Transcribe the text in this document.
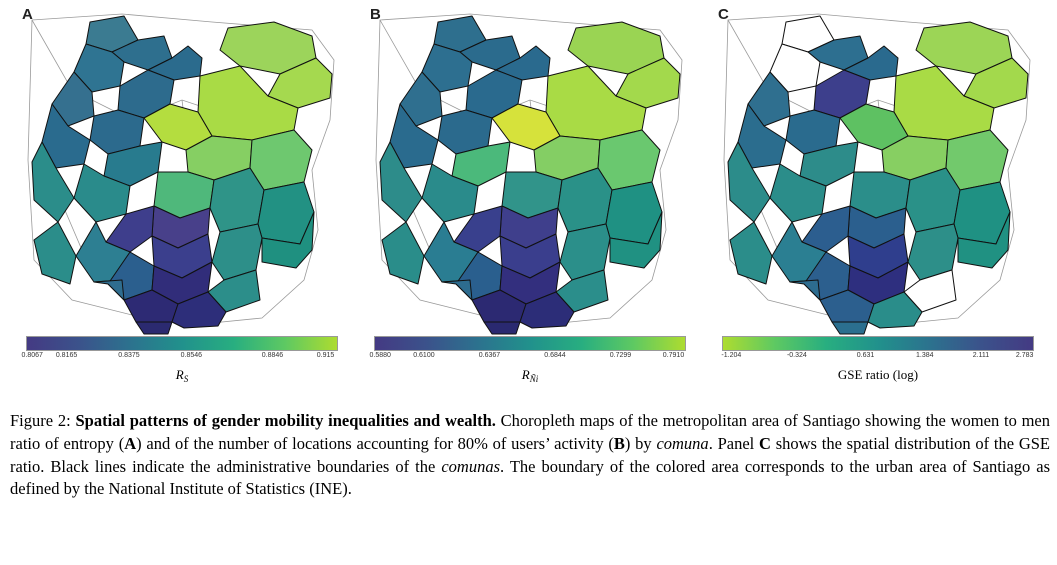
A
0.8067 0.8165	0.8375	0.8546	0.8846	0.915
$R_S$
B
0.5880	0.6100	0.6367	0.6844	0.7299	0.7910
$R_{Ñi}$
C
-1.204	-0.324	0.631	1.384	2.111	2.783
GSE ratio (log)
Figure 2: Spatial patterns of gender mobility inequalities and wealth. Choropleth maps of the metropolitan area of Santiago showing the women to men ratio of entropy (A) and of the number of locations accounting for 80% of users’ activity (B) by comuna. Panel C shows the spatial distribution of the GSE ratio. Black lines indicate the administrative boundaries of the comunas. The boundary of the colored area corresponds to the urban area of Santiago as defined by the National Institute of Statistics (INE).
